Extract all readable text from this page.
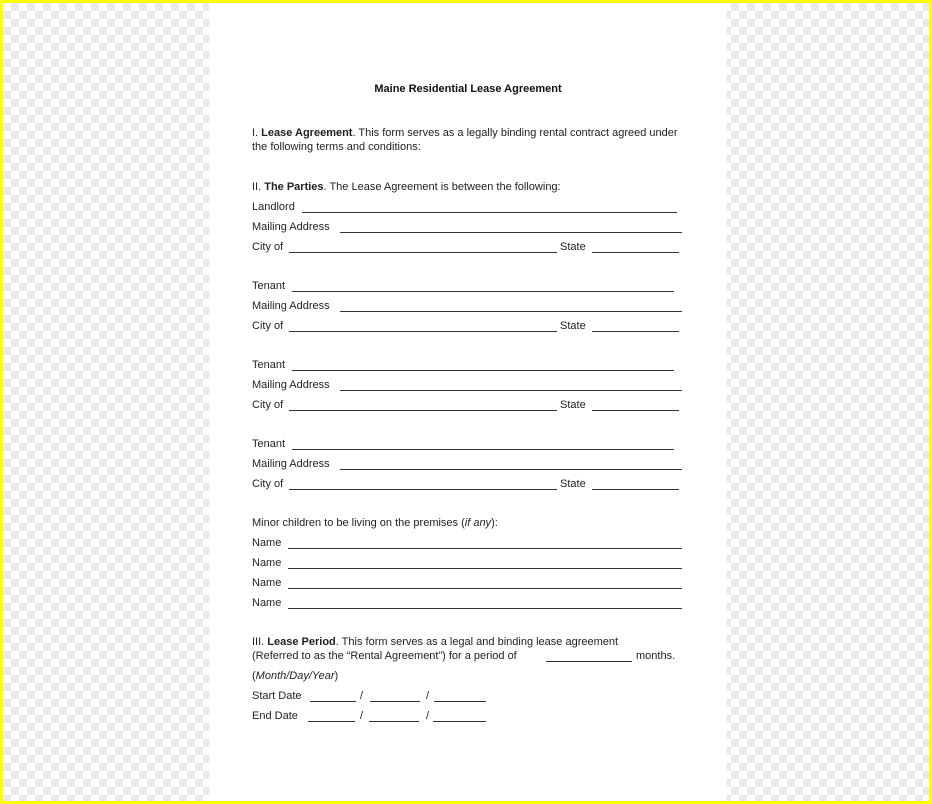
Maine Residential Lease Agreement
I. Lease Agreement. This form serves as a legally binding rental contract agreed under the following terms and conditions:
II. The Parties. The Lease Agreement is between the following:
Landlord
Mailing Address
City of	State
Tenant
Mailing Address
City of	State
Tenant
Mailing Address
City of	State
Tenant
Mailing Address
City of	State
Minor children to be living on the premises (if any):
Name
Name
Name
Name
III. Lease Period. This form serves as a legal and binding lease agreement
(Referred to as the “Rental Agreement”) for a period of	months.
(Month/Day/Year)
Start Date	/	/
End Date	/	/
